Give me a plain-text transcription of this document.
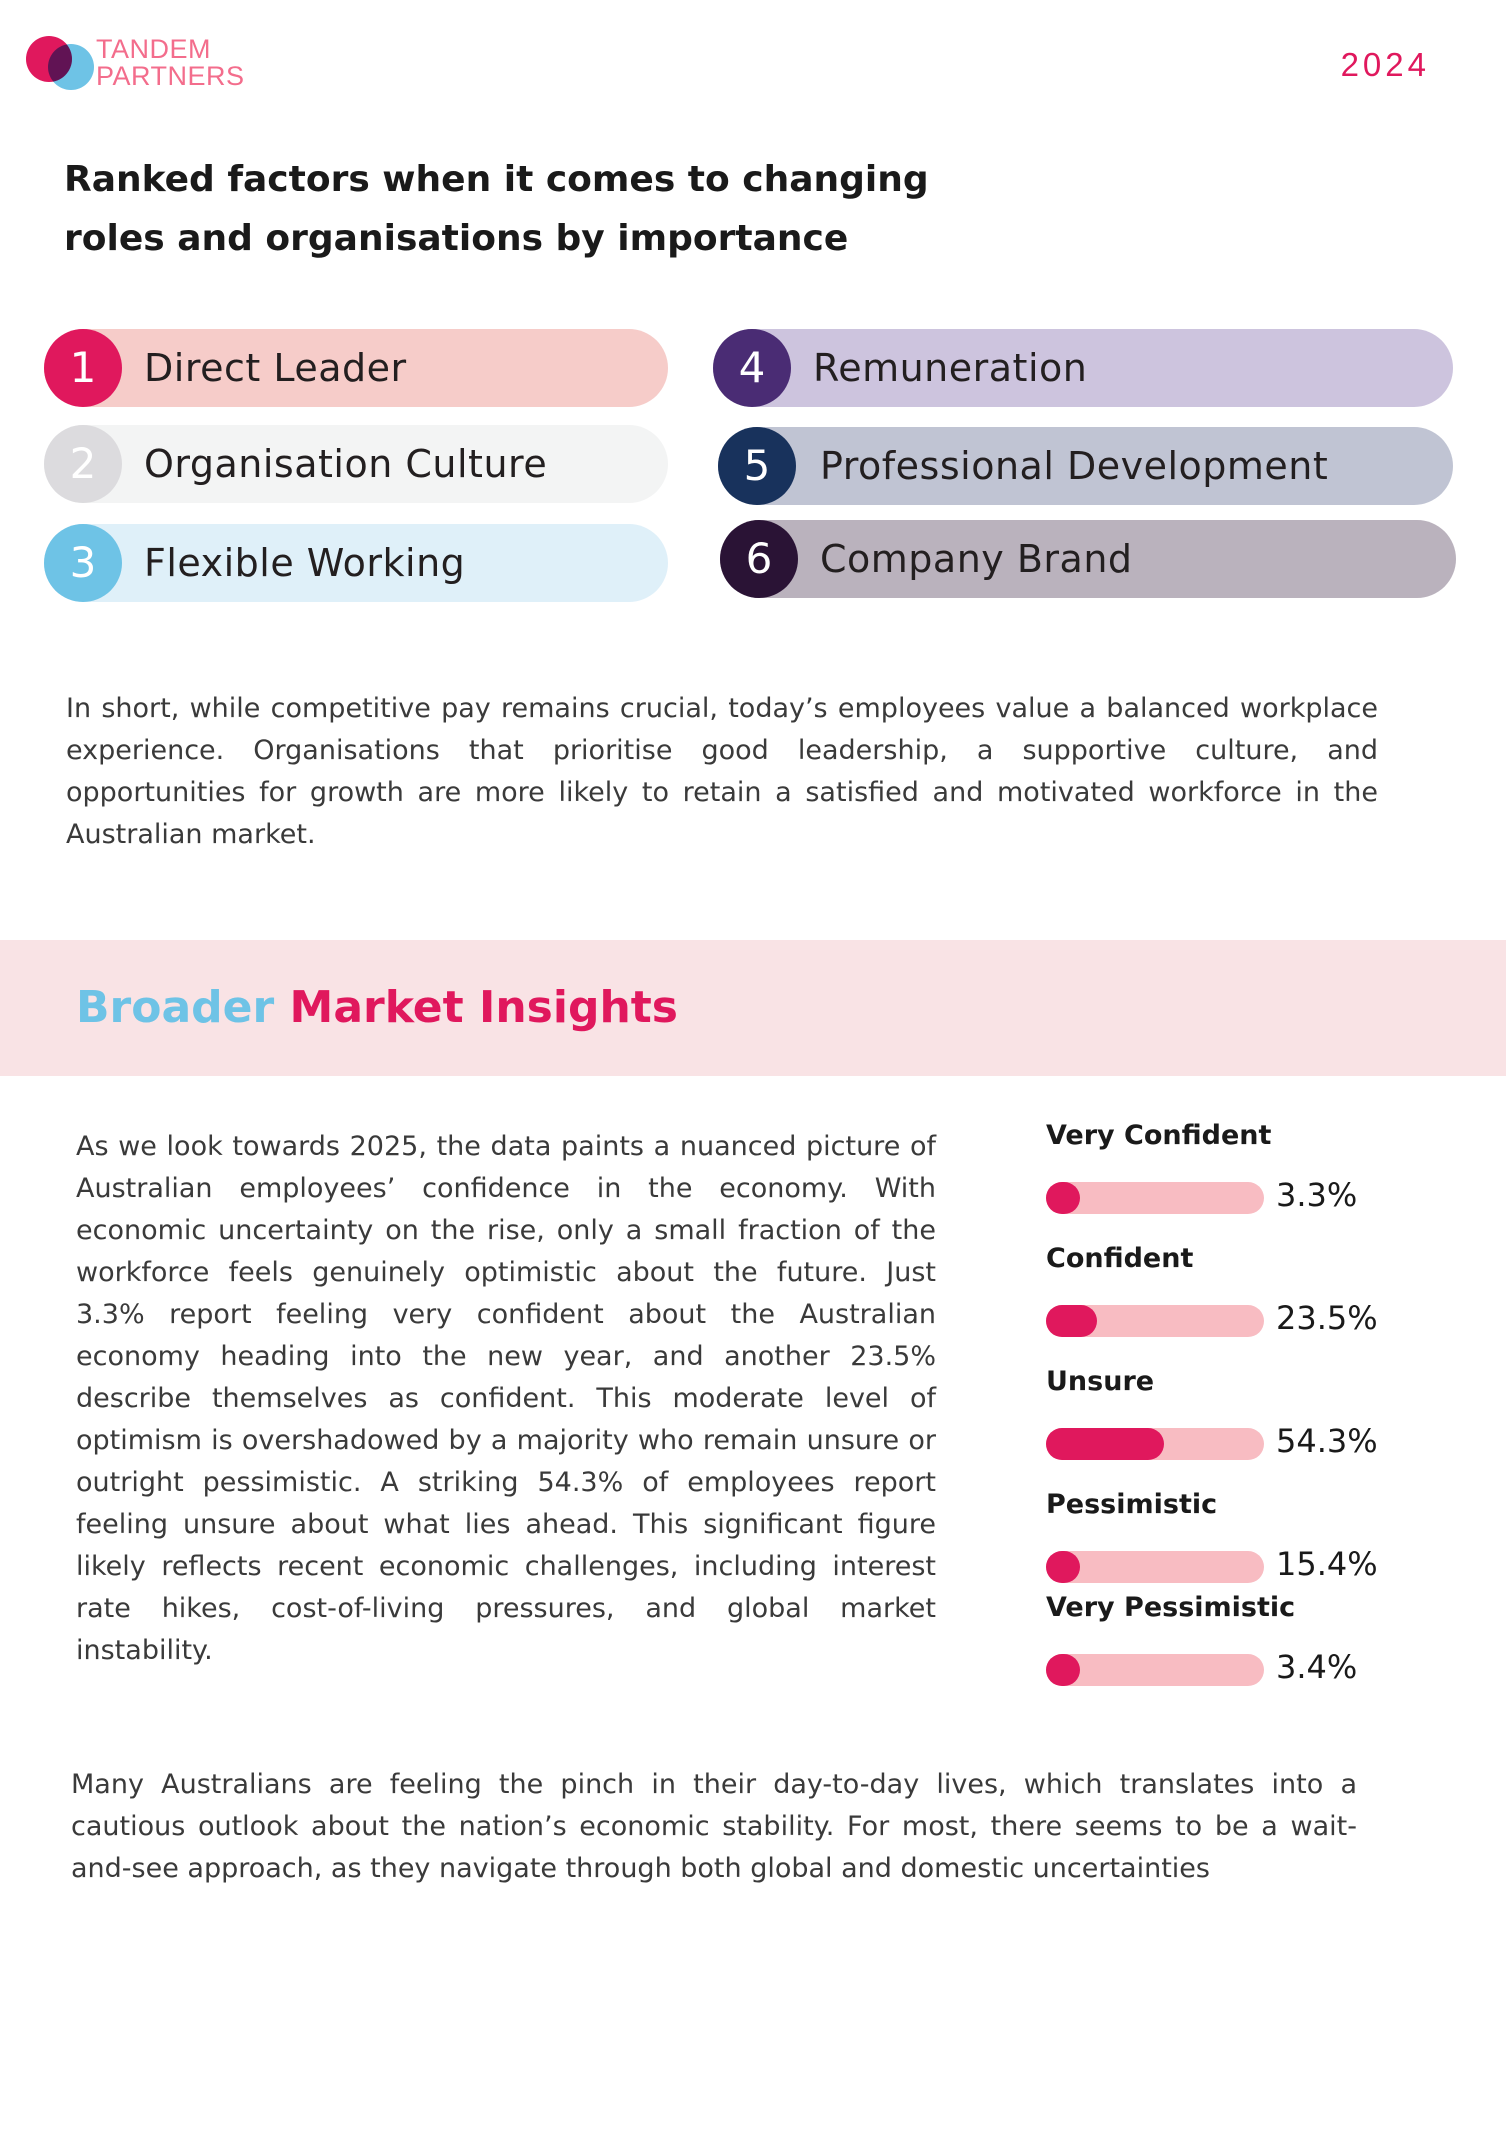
TANDEM
PARTNERS	2024
Ranked factors when it comes to changing roles and organisations by importance
1	Direct Leader
2	Organisation Culture
3	Flexible Working
4	Remuneration
5	Professional Development
6	Company Brand

In short, while competitive pay remains crucial, today’s employees value a balanced workplace experience. Organisations that prioritise good leadership, a supportive culture, and opportunities for growth are more likely to retain a satisfied and motivated workforce in the Australian market.

Broader Market Insights

As we look towards 2025, the data paints a nuanced picture of Australian employees’ confidence in the economy. With economic uncertainty on the rise, only a small fraction of the workforce feels genuinely optimistic about the future. Just 3.3% report feeling very confident about the Australian economy heading into the new year, and another 23.5% describe themselves as confident. This moderate level of optimism is overshadowed by a majority who remain unsure or outright pessimistic. A striking 54.3% of employees report feeling unsure about what lies ahead. This significant figure likely reflects recent economic challenges, including interest rate hikes, cost-of-living pressures, and global market instability.

Very Confident
3.3%
Confident
23.5%
Unsure
54.3%
Pessimistic
15.4%
Very Pessimistic
3.4%

Many Australians are feeling the pinch in their day-to-day lives, which translates into a cautious outlook about the nation’s economic stability. For most, there seems to be a wait-and-see approach, as they navigate through both global and domestic uncertainties
